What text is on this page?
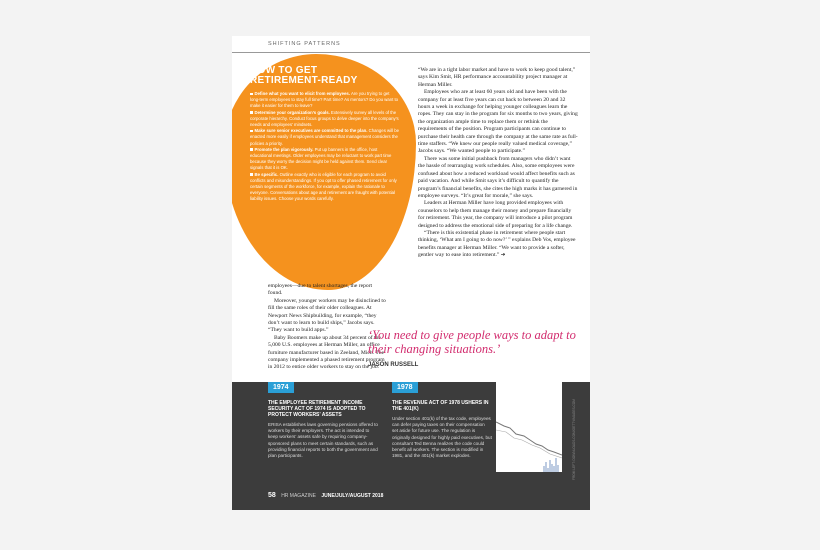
SHIFTING PATTERNS
HOW TO GET
RETIREMENT-READY

Define what you want to elicit from employees. Are you trying to get long-term employees to stay full time? Part time? As mentors? Do you want to make it easier for them to leave?

Determine your organization’s goals. Extensively survey all levels of the corporate hierarchy. Conduct focus groups to delve deeper into the company’s needs and employees’ mindsets.

Make sure senior executives are committed to the plan. Changes will be enacted more easily if employees understand that management considers the policies a priority.

Promote the plan vigorously. Put up banners in the office, host educational meetings. Older employees may be reluctant to work part time because they worry the decision might be held against them. Send clear signals that it is OK.

Be specific. Outline exactly who is eligible for each program to avoid conflicts and misunderstandings. If you opt to offer phased retirement for only certain segments of the workforce, for example, explain the rationale to everyone. Conversations about age and retirement are fraught with potential liability issues. Choose your words carefully.

“We are in a tight labor market and have to work to keep good talent,” says Kim Smit, HR performance accountability project manager at Herman Miller.

Employees who are at least 60 years old and have been with the company for at least five years can cut back to between 20 and 32 hours a week in exchange for helping younger colleagues learn the ropes. They can stay in the program for six months to two years, giving the organization ample time to replace them or rethink the requirements of the position. Program participants can continue to purchase their health care through the company at the same rate as full-time staffers. “We knew our people really valued medical coverage,” Jacobs says. “We wanted people to participate.”

There was some initial pushback from managers who didn’t want the hassle of rearranging work schedules. Also, some employees were confused about how a reduced workload would affect benefits such as paid vacation. And while Smit says it’s difficult to quantify the program’s financial benefits, she cites the high marks it has garnered in employee surveys. “It’s great for morale,” she says.

Leaders at Herman Miller have long provided employees with counselors to help them manage their money and prepare financially for retirement. This year, the company will introduce a pilot program designed to address the emotional side of preparing for a life change.

“There is this existential phase in retirement where people start thinking, ‘What am I going to do now?’ ” explains Deb Vos, employee benefits manager at Herman Miller. “We want to provide a softer, gentler way to ease into retirement.” ➔

employees—due to talent shortages, the report found.

Moreover, younger workers may be disinclined to fill the same roles of their older colleagues. At Newport News Shipbuilding, for example, “they don’t want to learn to build ships,” Jacobs says. “They want to build apps.”

Baby Boomers make up about 34 percent of the 5,000 U.S. employees at Herman Miller, an office furniture manufacturer based in Zeeland, Mich. The company implemented a phased retirement program in 2012 to entice older workers to stay on the job.

‘You need to give people ways to adapt to their changing situations.’
JASON RUSSELL
1974
THE EMPLOYEE RETIREMENT INCOME SECURITY ACT OF 1974 IS ADOPTED TO PROTECT WORKERS’ ASSETS
ERISA establishes laws governing pensions offered to workers by their employers. The act is intended to keep workers’ assets safe by requiring company-sponsored plans to meet certain standards, such as providing financial reports to both the government and plan participants.
1978
THE REVENUE ACT OF 1978 USHERS IN THE 401(K)
Under section 401(k) of the tax code, employees can defer paying taxes on their compensation set aside for future use. The regulation is originally designed for highly paid executives, but consultant Ted Benna realizes the code could benefit all workers. The section is modified in 1981, and the 401(k) market explodes.	FROM LEFT: DOWNLOADS.COM/GETTYIMAGES.COM
58 HR MAGAZINE JUNE/JULY/AUGUST 2018
